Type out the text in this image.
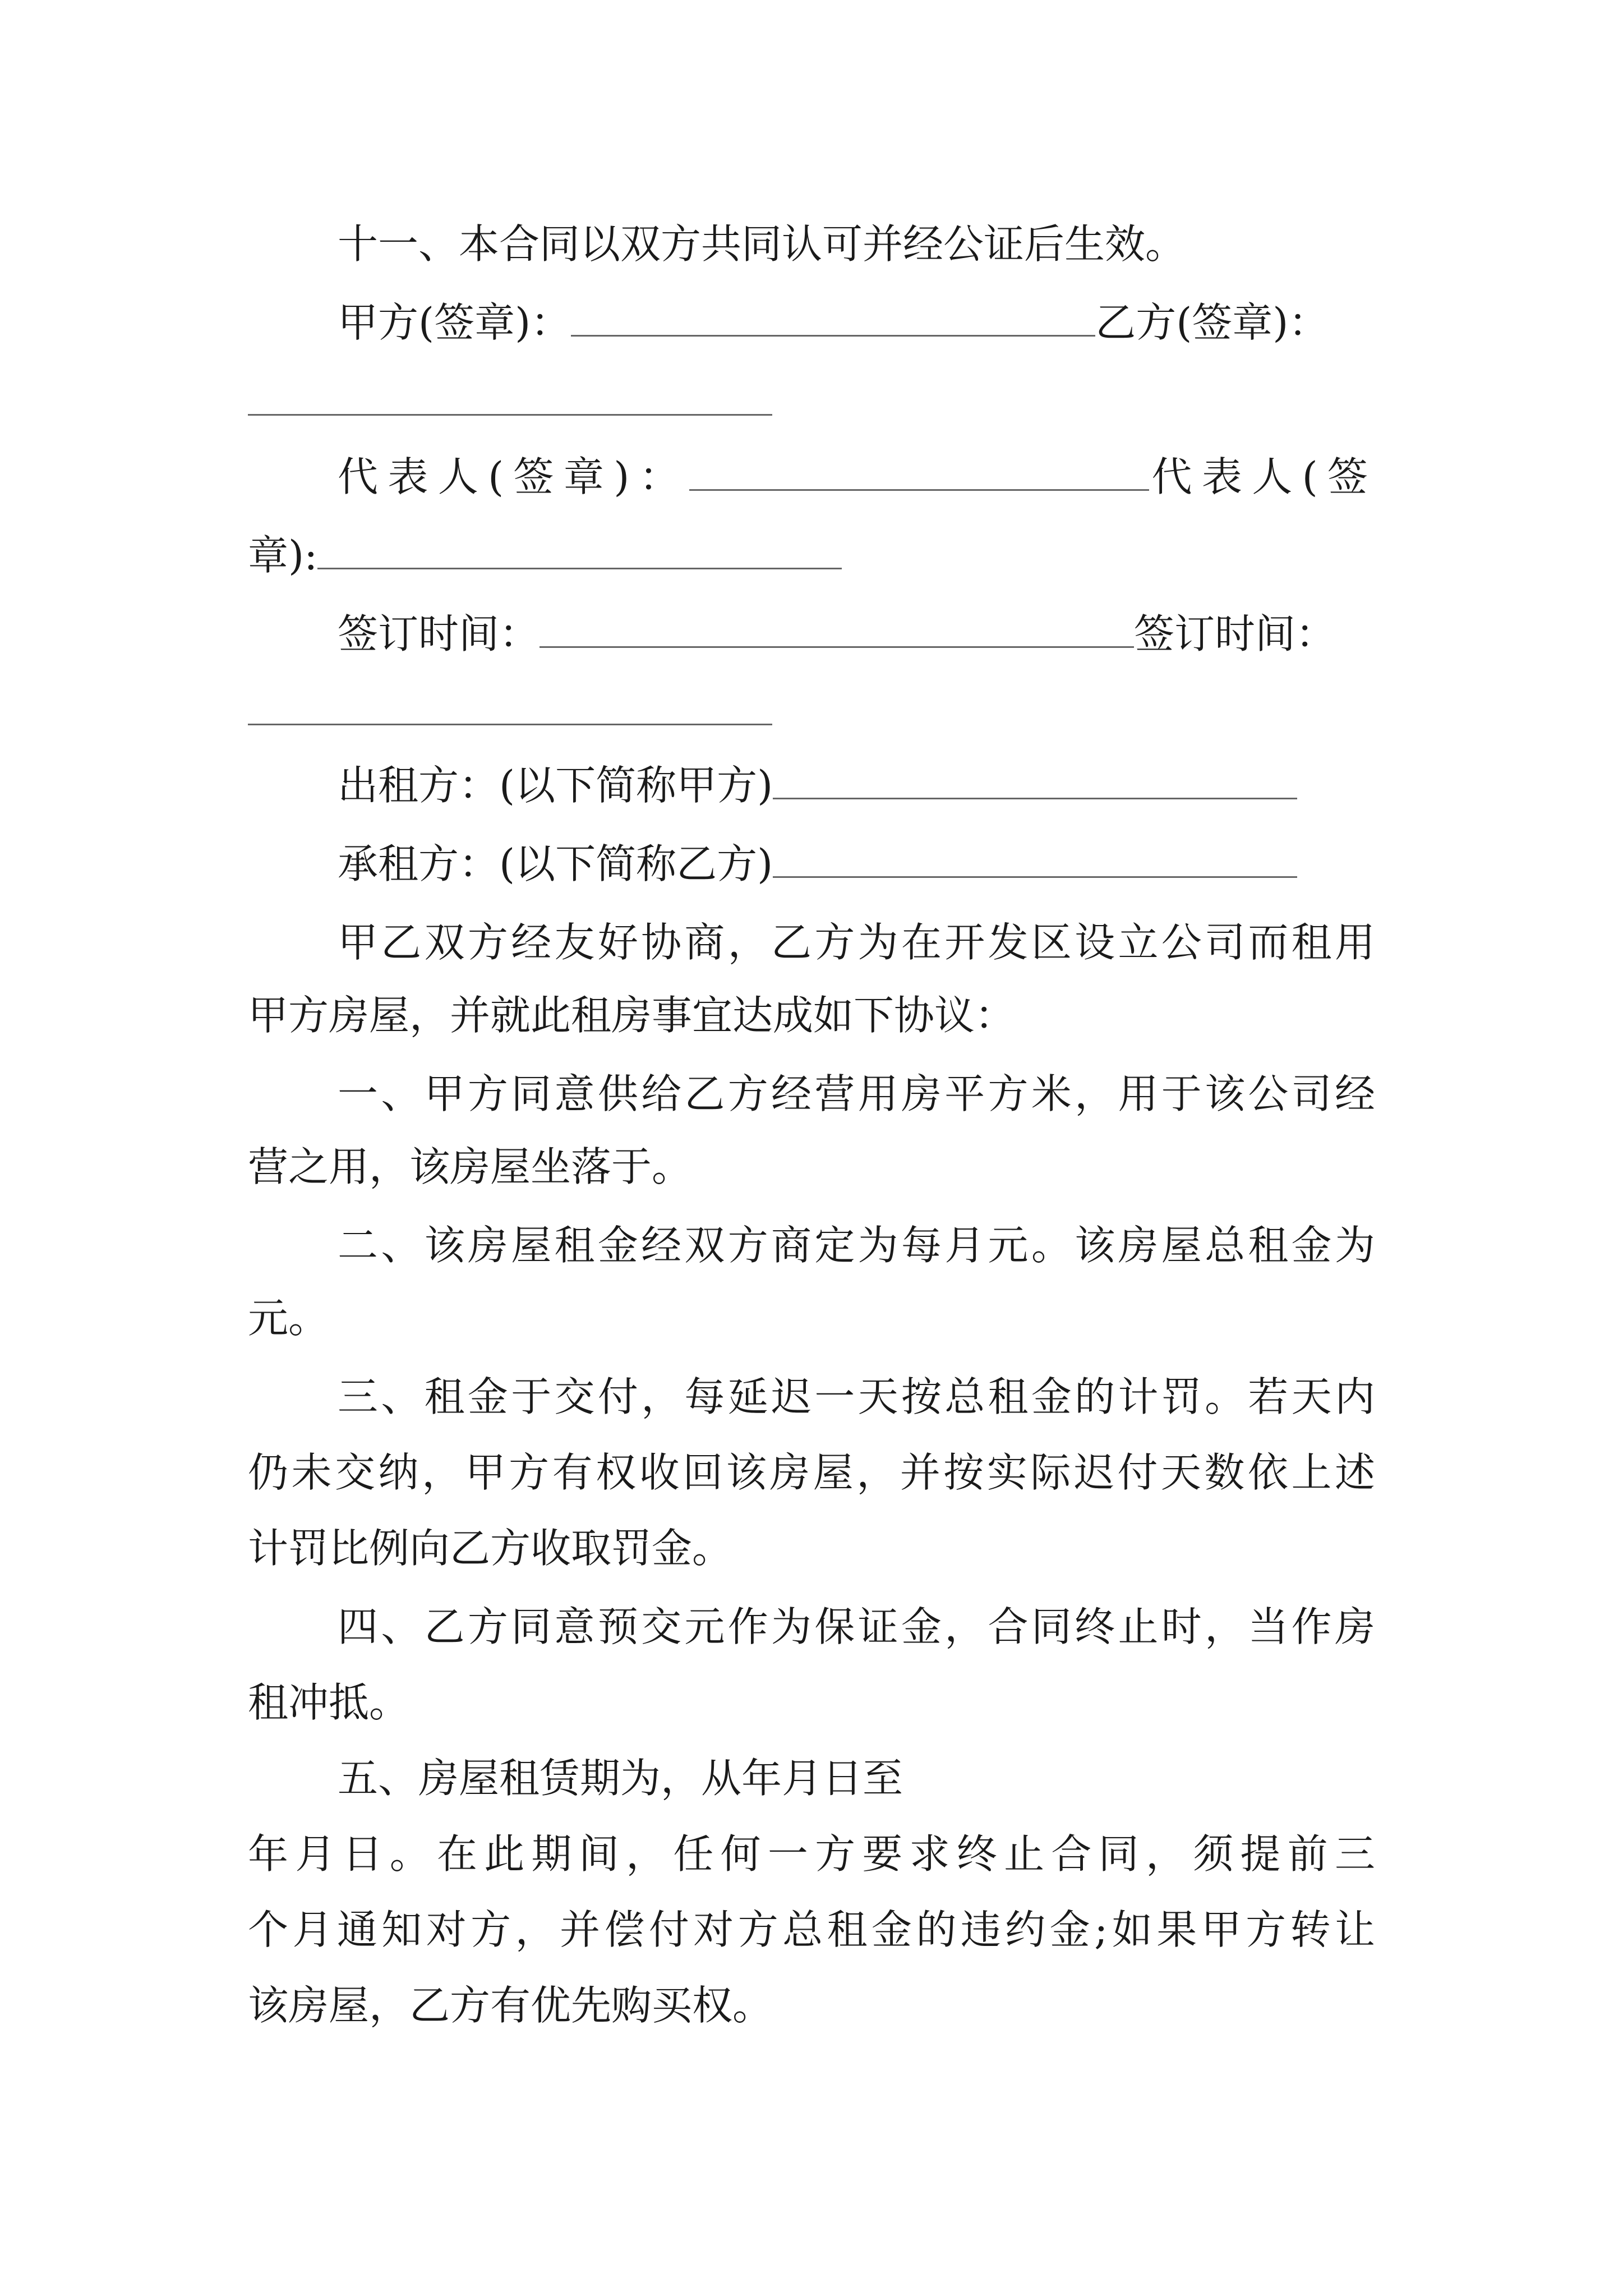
十一、本合同以双方共同认可并经公证后生效。
甲方(签章)：	乙方(签章)：
代表人(签章)：	代表人(签
章):
签订时间：	签订时间：
出租方：(以下简称甲方)
承租方：(以下简称乙方)
甲乙双方经友好协商，乙方为在开发区设立公司而租用
甲方房屋，并就此租房事宜达成如下协议：
一、甲方同意供给乙方经营用房平方米，用于该公司经
营之用，该房屋坐落于。
二、该房屋租金经双方商定为每月元。该房屋总租金为
元。
三、租金于交付，每延迟一天按总租金的计罚。若天内
仍未交纳，甲方有权收回该房屋，并按实际迟付天数依上述
计罚比例向乙方收取罚金。
四、乙方同意预交元作为保证金，合同终止时，当作房
租冲抵。
五、房屋租赁期为，从年月日至
年月日。在此期间，任何一方要求终止合同，须提前三
个月通知对方，并偿付对方总租金的违约金;如果甲方转让
该房屋，乙方有优先购买权。
